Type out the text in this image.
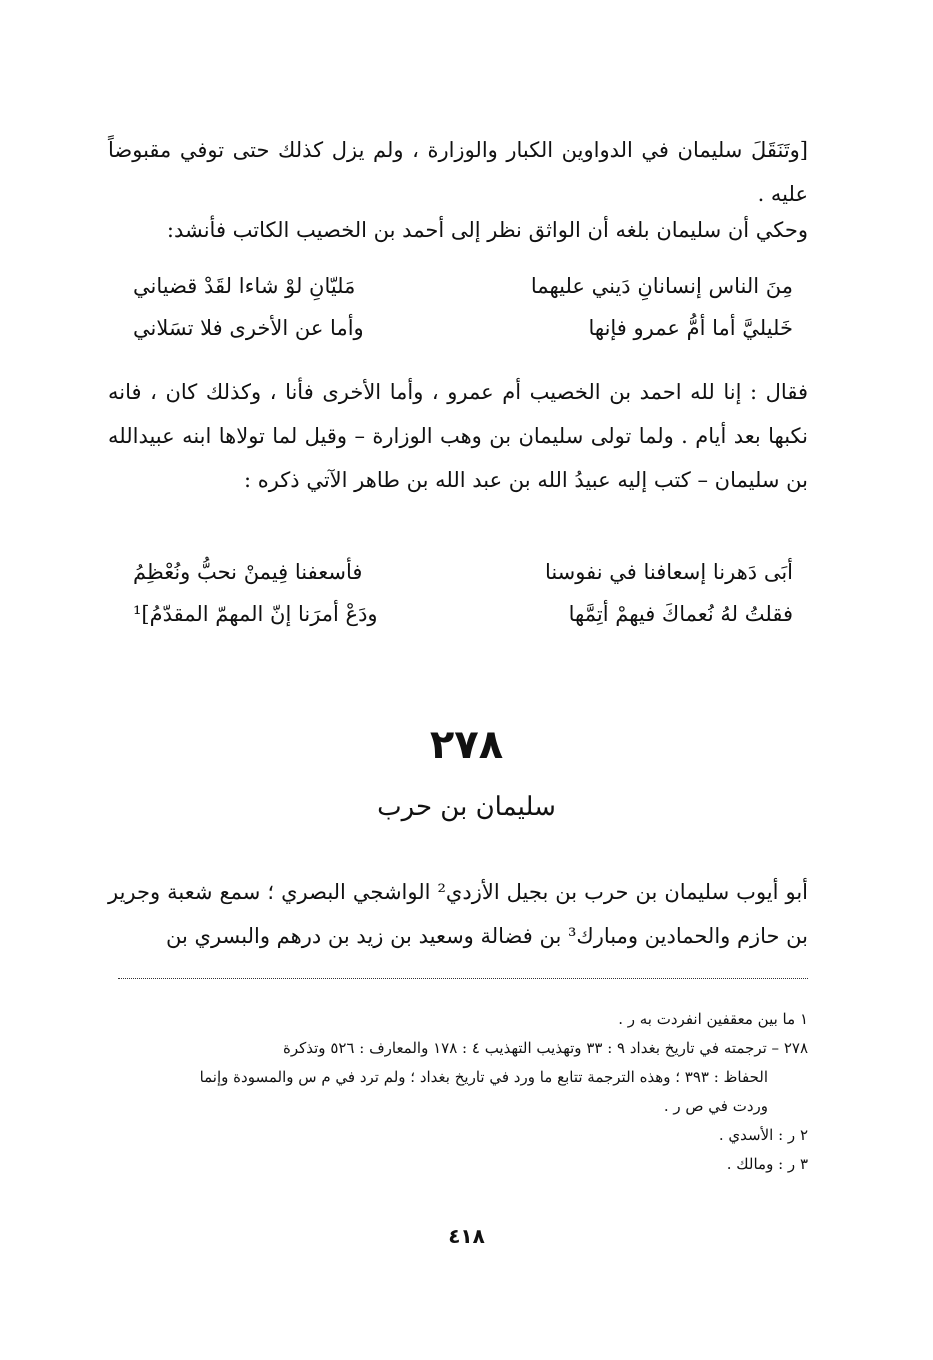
[وتَنَقَلَ سليمان في الدواوين الكبار والوزارة ، ولم يزل كذلك حتى توفي مقبوضاً عليه .

وحكي أن سليمان بلغه أن الواثق نظر إلى أحمد بن الخصيب الكاتب فأنشد:

مِنَ الناس إنسانانِ دَيني عليهما
مَليّانِ لوْ شاءا لقَدْ قضياني
خَليليَّ أما أمُّ عمرو فإنها
وأما عن الأخرى فلا تسَلاني

فقال : إنا لله احمد بن الخصيب أم عمرو ، وأما الأخرى فأنا ، وكذلك كان ، فانه نكبها بعد أيام . ولما تولى سليمان بن وهب الوزارة – وقيل لما تولاها ابنه عبيدالله بن سليمان – كتب إليه عبيدُ الله بن عبد الله بن طاهر الآتي ذكره :

أبَى دَهرنا إسعافنا في نفوسنا
فأسعفنا فِيمنْ نحبُّ ونُعْظِمُ
فقلتُ لهُ نُعماكَ فيهمْ أتِمَّها
ودَعْ أمرَنا إنّ المهمّ المقدّمُ]¹
٢٧٨
سليمان بن حرب

أبو أيوب سليمان بن حرب بن بجيل الأزدي² الواشجي البصري ؛ سمع شعبة وجرير بن حازم والحمادين ومبارك³ بن فضالة وسعيد بن زيد بن درهم والبسري بن

١ ما بين معقفين انفردت به ر .

٢٧٨ – ترجمته في تاريخ بغداد ٩ : ٣٣ وتهذيب التهذيب ٤ : ١٧٨ والمعارف : ٥٢٦ وتذكرة

الحفاظ : ٣٩٣ ؛ وهذه الترجمة تتابع ما ورد في تاريخ بغداد ؛ ولم ترد في م س والمسودة وإنما

وردت في ص ر .

٢ ر : الأسدي .

٣ ر : ومالك .

٤١٨
